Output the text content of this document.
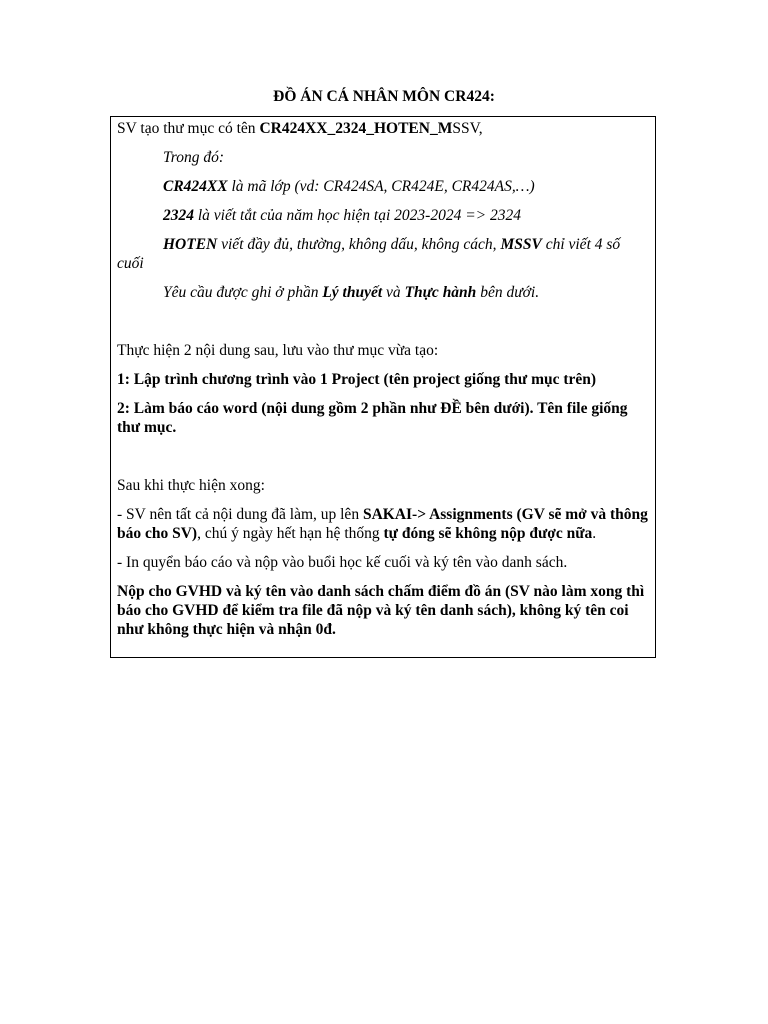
ĐỒ ÁN CÁ NHÂN MÔN CR424:

SV tạo thư mục có tên CR424XX_2324_HOTEN_MSSV,

Trong đó:

CR424XX là mã lớp (vd: CR424SA, CR424E, CR424AS,…)

2324 là viết tắt của năm học hiện tại 2023-2024 => 2324

HOTEN viết đầy đủ, thường, không dấu, không cách, MSSV chỉ viết 4 số cuối

Yêu cầu được ghi ở phần Lý thuyết và Thực hành bên dưới.

Thực hiện 2 nội dung sau, lưu vào thư mục vừa tạo:

1: Lập trình chương trình vào 1 Project (tên project giống thư mục trên)

2: Làm báo cáo word (nội dung gồm 2 phần như ĐỀ bên dưới). Tên file giống thư mục.

Sau khi thực hiện xong:

- SV nên tất cả nội dung đã làm, up lên SAKAI-> Assignments (GV sẽ mở và thông báo cho SV), chú ý ngày hết hạn hệ thống tự đóng sẽ không nộp được nữa.

- In quyển báo cáo và nộp vào buổi học kế cuối và ký tên vào danh sách.

Nộp cho GVHD và ký tên vào danh sách chấm điểm đồ án (SV nào làm xong thì báo cho GVHD để kiểm tra file đã nộp và ký tên danh sách), không ký tên coi như không thực hiện và nhận 0đ.
